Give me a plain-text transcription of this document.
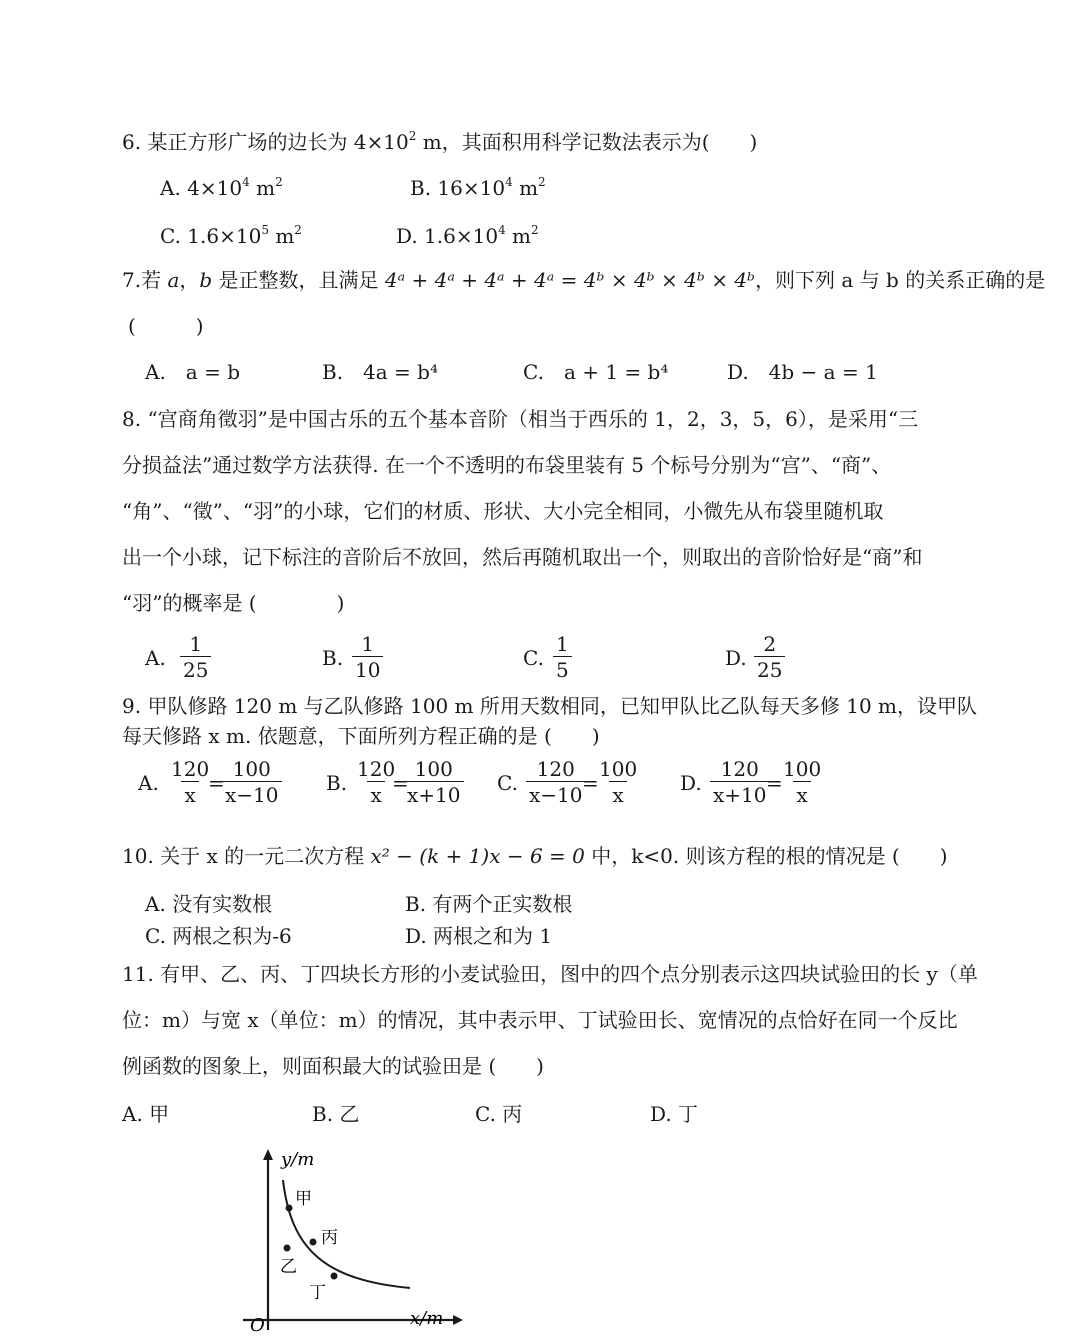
6. 某正方形广场的边长为 $4\times 10^2$ m，其面积用科学记数法表示为(　　)
A. $4\times 10^4$ $m^2$	B. $16\times 10^4$ $m^2$
C. $1.6\times 10^5$ $m^2$	D. $1.6\times 10^4$ $m^2$
7.若 a，b 是正整数，且满足 4ᵃ + 4ᵃ + 4ᵃ + 4ᵃ = 4ᵇ × 4ᵇ × 4ᵇ × 4ᵇ，则下列 a 与 b 的关系正确的是
(　　　)
A.　a = b	B.　4a = b⁴	C.　a + 1 = b⁴	D.　4b − a = 1
8. “宫商角徵羽”是中国古乐的五个基本音阶（相当于西乐的 1，2，3，5，6），是采用“三
分损益法”通过数学方法获得. 在一个不透明的布袋里装有 5 个标号分别为“宫”、“商”、
“角”、“徵”、“羽”的小球，它们的材质、形状、大小完全相同，小微先从布袋里随机取
出一个小球，记下标注的音阶后不放回，然后再随机取出一个，则取出的音阶恰好是“商”和
“羽”的概率是 (　　　　)
A. $\frac{1}{25}$	B. $\frac{1}{10}$	C. $\frac{1}{5}$	D. $\frac{2}{25}$
9. 甲队修路 120 m 与乙队修路 100 m 所用天数相同，已知甲队比乙队每天多修 10 m，设甲队
每天修路 x m. 依题意，下面所列方程正确的是 (　　)
A. $\frac{120}{x}$
=
$\frac{100}{x-10} B$. $\frac{120}{x}$
=
$\frac{100}{x+10} C$. $\frac{120}{x-10}$
=
$\frac{100}{x} D$. $\frac{120}{x+10}$
=
$\frac{100}{x}$
10. 关于 x 的一元二次方程 x² − (k + 1)x − 6 = 0 中，k<0. 则该方程的根的情况是 (　　)
A. 没有实数根	B. 有两个正实数根
C. 两根之积为-6	D. 两根之和为 1
11. 有甲、乙、丙、丁四块长方形的小麦试验田，图中的四个点分别表示这四块试验田的长 y（单
位：m）与宽 x（单位：m）的情况，其中表示甲、丁试验田长、宽情况的点恰好在同一个反比
例函数的图象上，则面积最大的试验田是 (　　)
A. 甲	B. 乙	C. 丙	D. 丁
y/m
x/m
O
甲
乙
丙
丁
